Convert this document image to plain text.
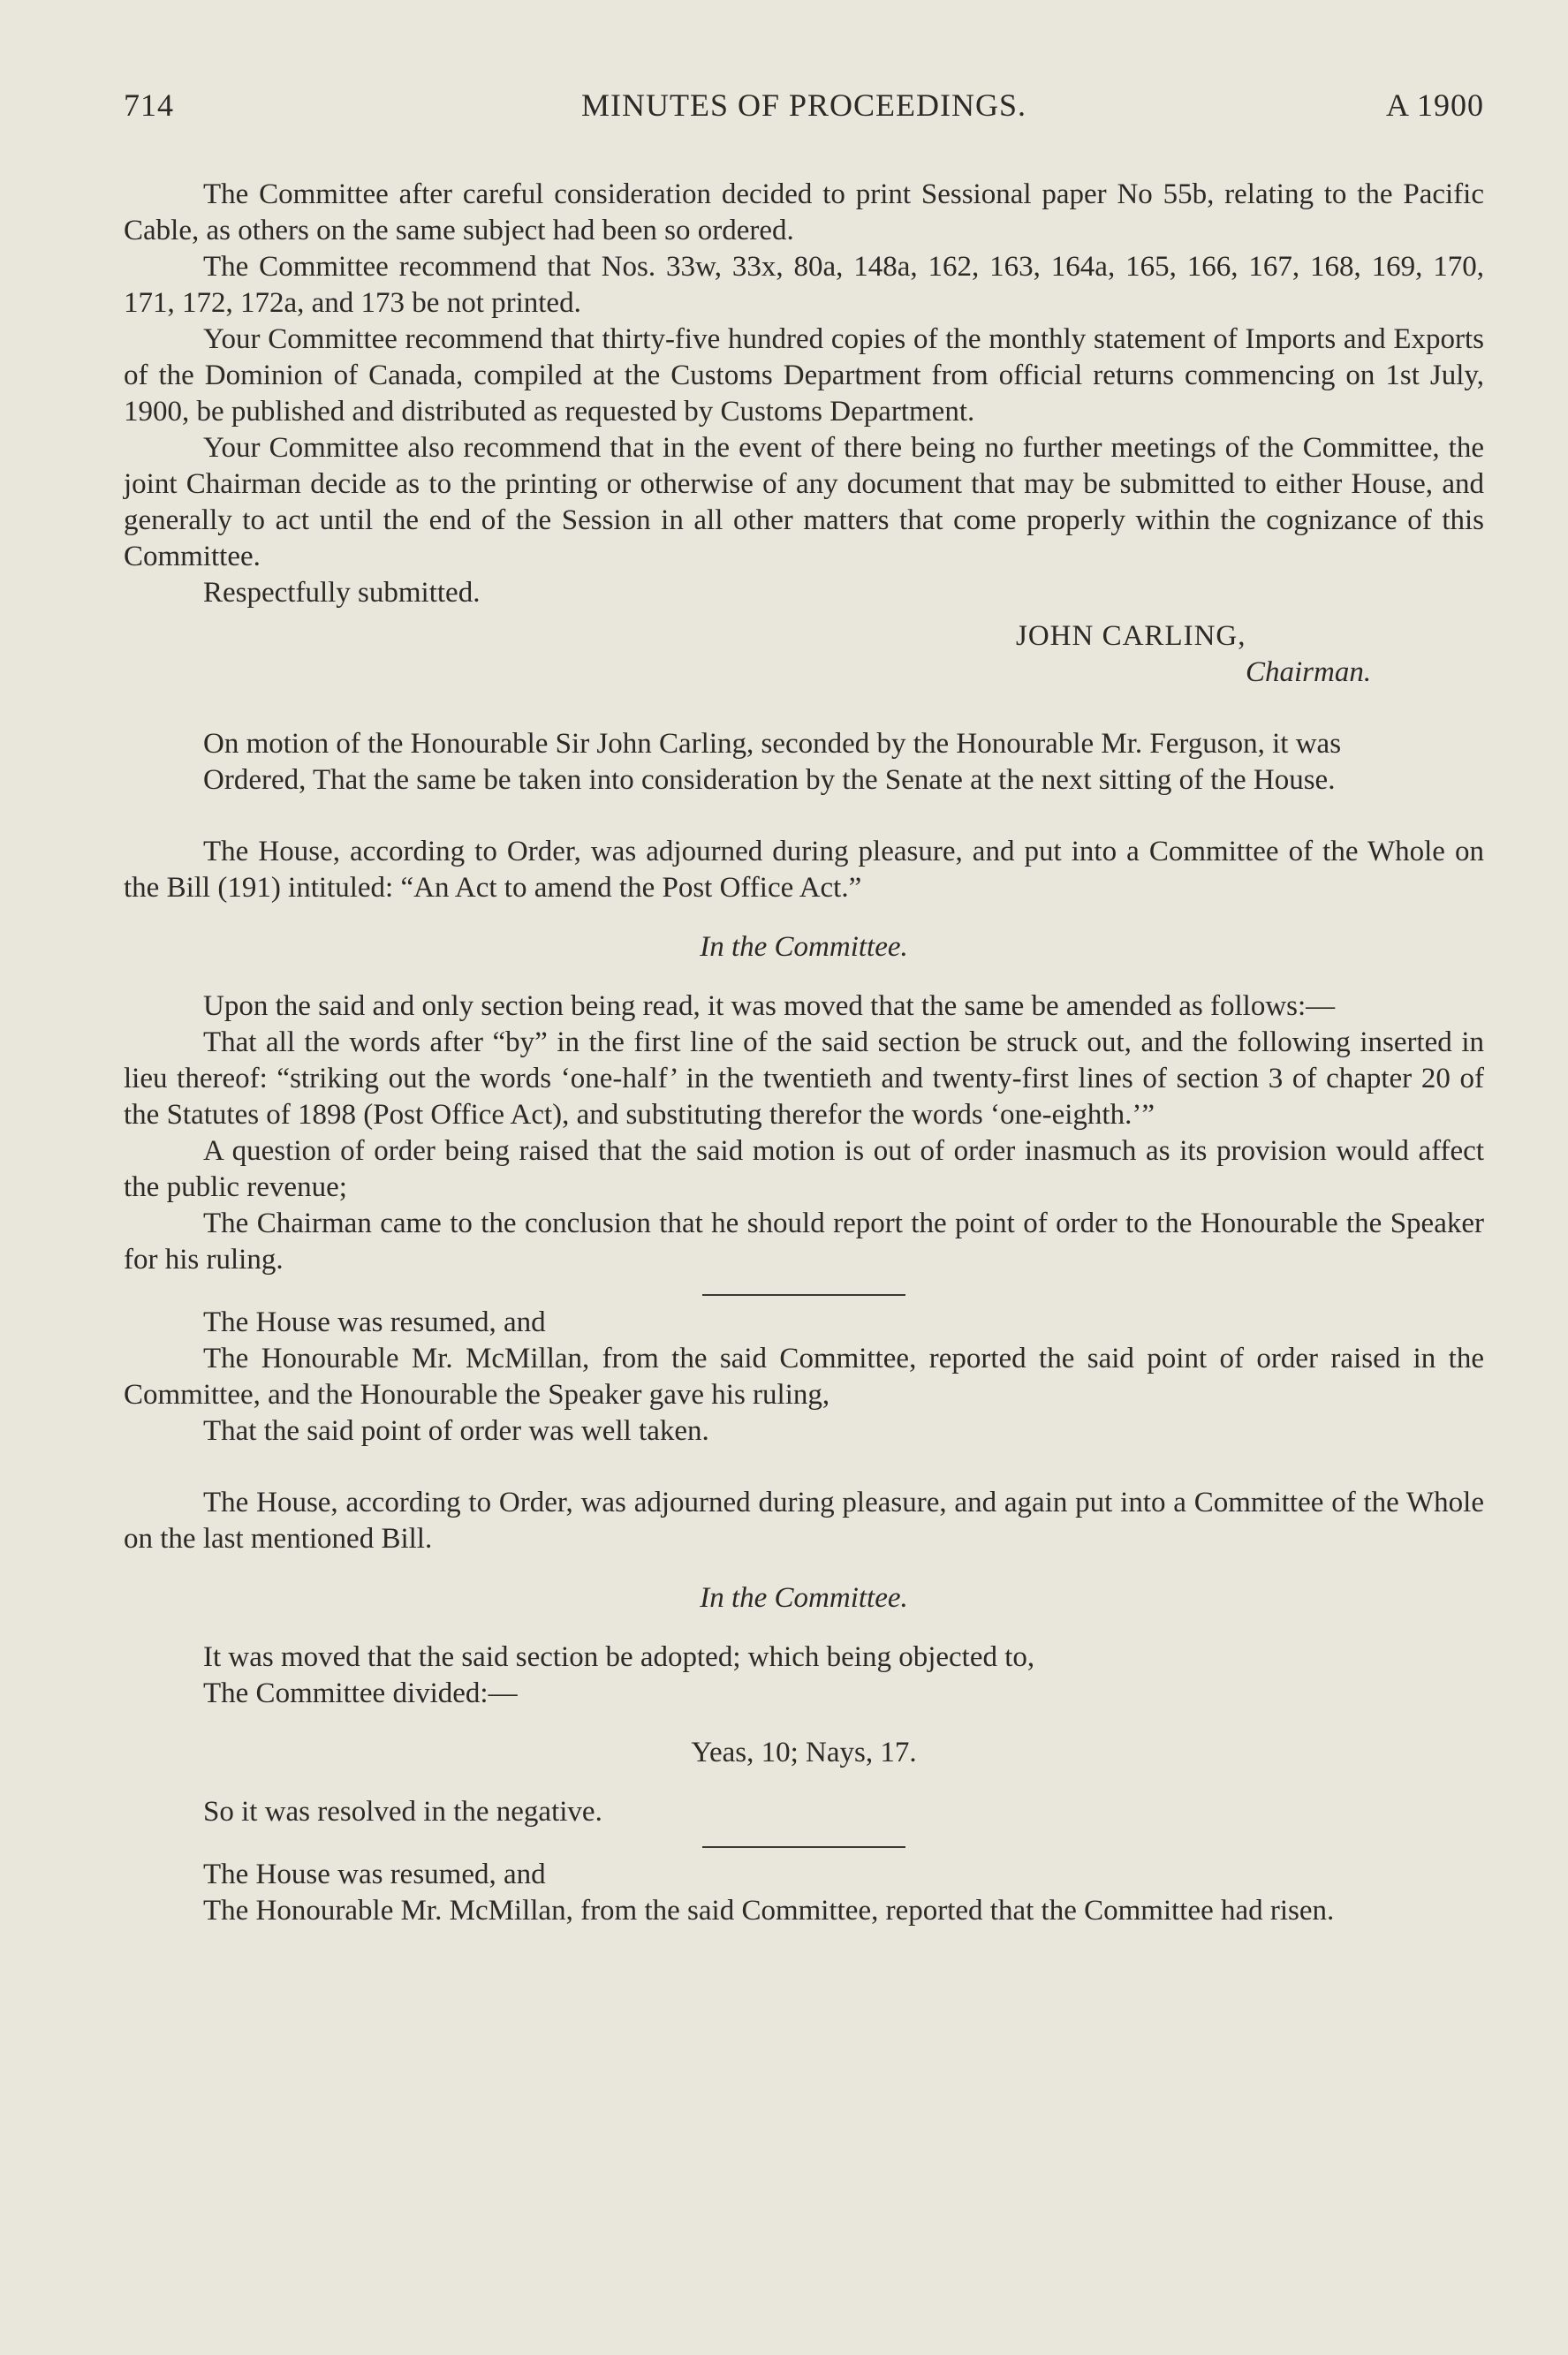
714	MINUTES OF PROCEEDINGS.	A 1900

The Committee after careful consideration decided to print Sessional paper No 55b, relating to the Pacific Cable, as others on the same subject had been so ordered.

The Committee recommend that Nos. 33w, 33x, 80a, 148a, 162, 163, 164a, 165, 166, 167, 168, 169, 170, 171, 172, 172a, and 173 be not printed.

Your Committee recommend that thirty-five hundred copies of the monthly statement of Imports and Exports of the Dominion of Canada, compiled at the Customs Department from official returns commencing on 1st July, 1900, be published and distributed as requested by Customs Department.

Your Committee also recommend that in the event of there being no further meetings of the Committee, the joint Chairman decide as to the printing or otherwise of any document that may be submitted to either House, and generally to act until the end of the Session in all other matters that come properly within the cognizance of this Committee.

Respectfully submitted.

JOHN CARLING,
Chairman.

On motion of the Honourable Sir John Carling, seconded by the Honourable Mr. Ferguson, it was

Ordered, That the same be taken into consideration by the Senate at the next sitting of the House.

The House, according to Order, was adjourned during pleasure, and put into a Committee of the Whole on the Bill (191) intituled: “An Act to amend the Post Office Act.”

In the Committee.

Upon the said and only section being read, it was moved that the same be amended as follows:—

That all the words after “by” in the first line of the said section be struck out, and the following inserted in lieu thereof: “striking out the words ‘one-half’ in the twentieth and twenty-first lines of section 3 of chapter 20 of the Statutes of 1898 (Post Office Act), and substituting therefor the words ‘one-eighth.’”

A question of order being raised that the said motion is out of order inasmuch as its provision would affect the public revenue;

The Chairman came to the conclusion that he should report the point of order to the Honourable the Speaker for his ruling.

The House was resumed, and

The Honourable Mr. McMillan, from the said Committee, reported the said point of order raised in the Committee, and the Honourable the Speaker gave his ruling,

That the said point of order was well taken.

The House, according to Order, was adjourned during pleasure, and again put into a Committee of the Whole on the last mentioned Bill.

In the Committee.

It was moved that the said section be adopted; which being objected to,

The Committee divided:—

Yeas, 10; Nays, 17.

So it was resolved in the negative.

The House was resumed, and

The Honourable Mr. McMillan, from the said Committee, reported that the Committee had risen.
